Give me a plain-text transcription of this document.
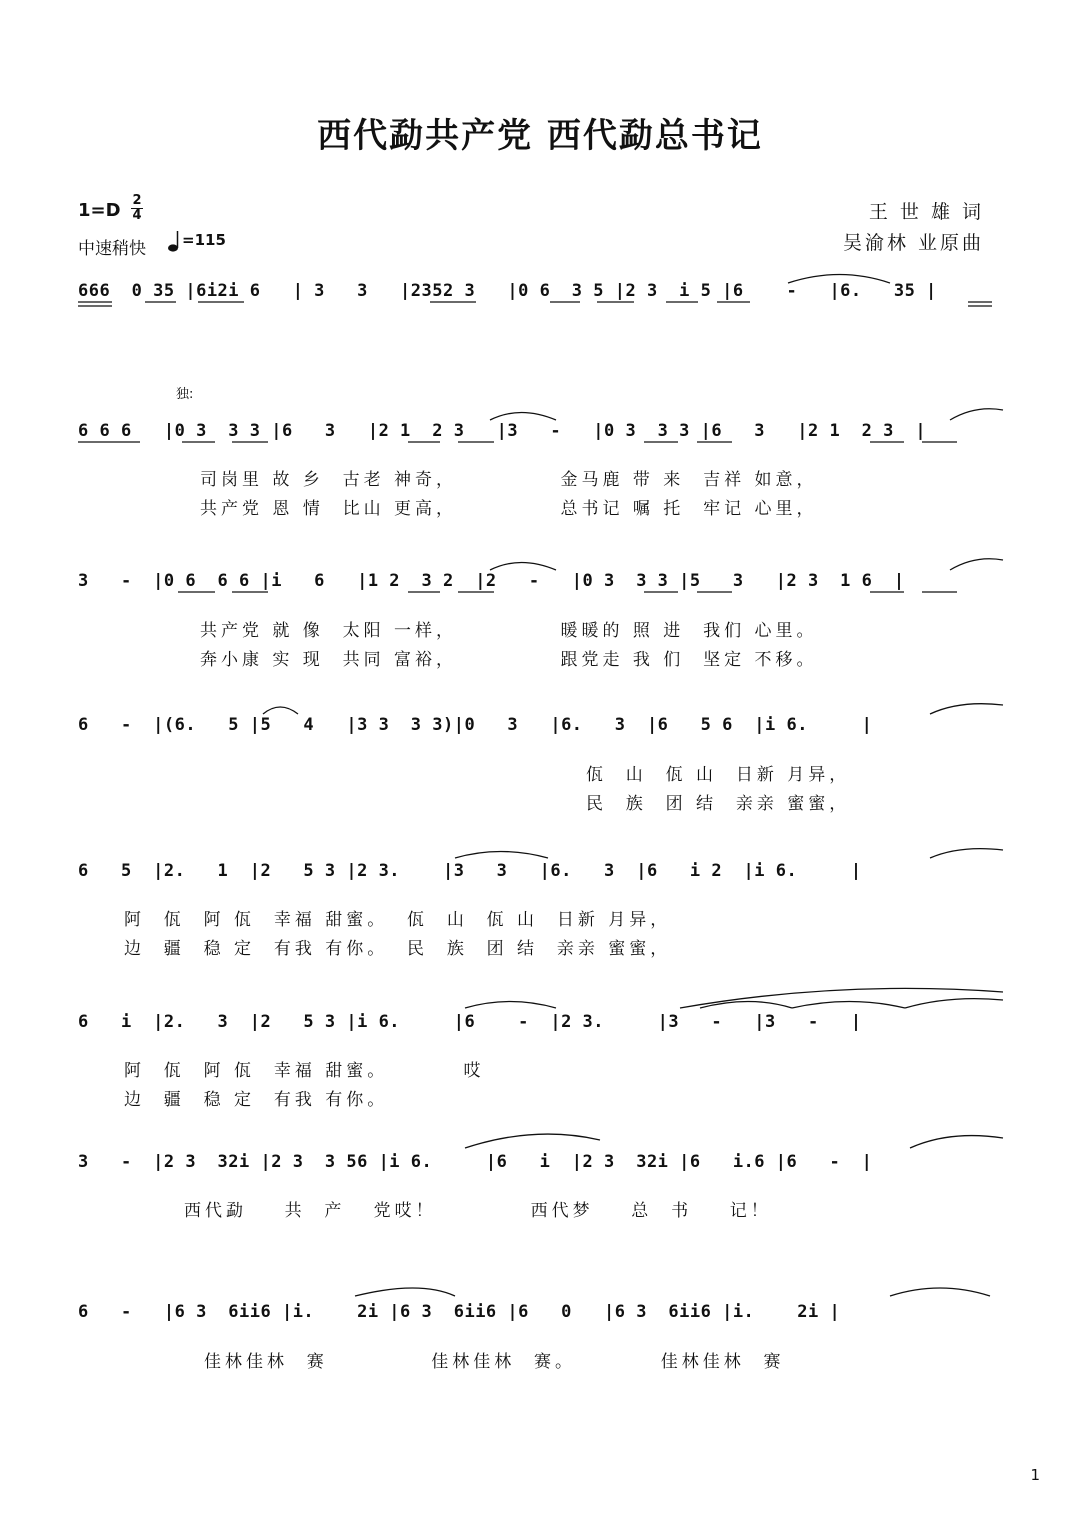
西代勐共产党 西代勐总书记
1=D 2
4
中速稍快 =115
王 世 雄 词
吴渝林 业原曲
独:
666  0 35 |6i2i 6   | 3   3   |2352 3   |0 6  3 5 |2 3  i 5 |6    -   |6.   35 |
6 6 6   |0 3  3 3 |6   3   |2 1  2 3   |3   -   |0 3  3 3 |6   3   |2 1  2 3  |
司岗里 故 乡  古老 神奇，           金马鹿 带 来  吉祥 如意，
共产党 恩 情  比山 更高，           总书记 嘱 托  牢记 心里，
3   -  |0 6  6 6 |i   6   |1 2  3 2  |2   -   |0 3  3 3 |5   3   |2 3  1 6  |
共产党 就 像  太阳 一样，           暖暖的 照 进  我们 心里。
奔小康 实 现  共同 富裕，           跟党走 我 们  坚定 不移。
6   -  |(6.   5 |5   4   |3 3  3 3)|0   3   |6.   3  |6   5 6  |i 6.     |
佤  山  佤 山  日新 月异，
民  族  团 结  亲亲 蜜蜜，
6   5  |2.   1  |2   5 3 |2 3.    |3   3   |6.   3  |6   i 2  |i 6.     |
阿  佤  阿 佤  幸福 甜蜜。  佤  山  佤 山  日新 月异，
边  疆  稳 定  有我 有你。  民  族  团 结  亲亲 蜜蜜，
6   i  |2.   3  |2   5 3 |i 6.     |6    -  |2 3.     |3   -   |3   -   |
阿  佤  阿 佤  幸福 甜蜜。        哎
边  疆  稳 定  有我 有你。
3   -  |2 3  32i |2 3  3 56 |i 6.     |6   i  |2 3  32i |6   i.6 |6   -  |
西代勐    共  产   党哎！          西代梦    总  书    记！
6   -   |6 3  6ii6 |i.    2i |6 3  6ii6 |6   0   |6 3  6ii6 |i.    2i |
佳林佳林  赛           佳林佳林  赛。         佳林佳林  赛
1
